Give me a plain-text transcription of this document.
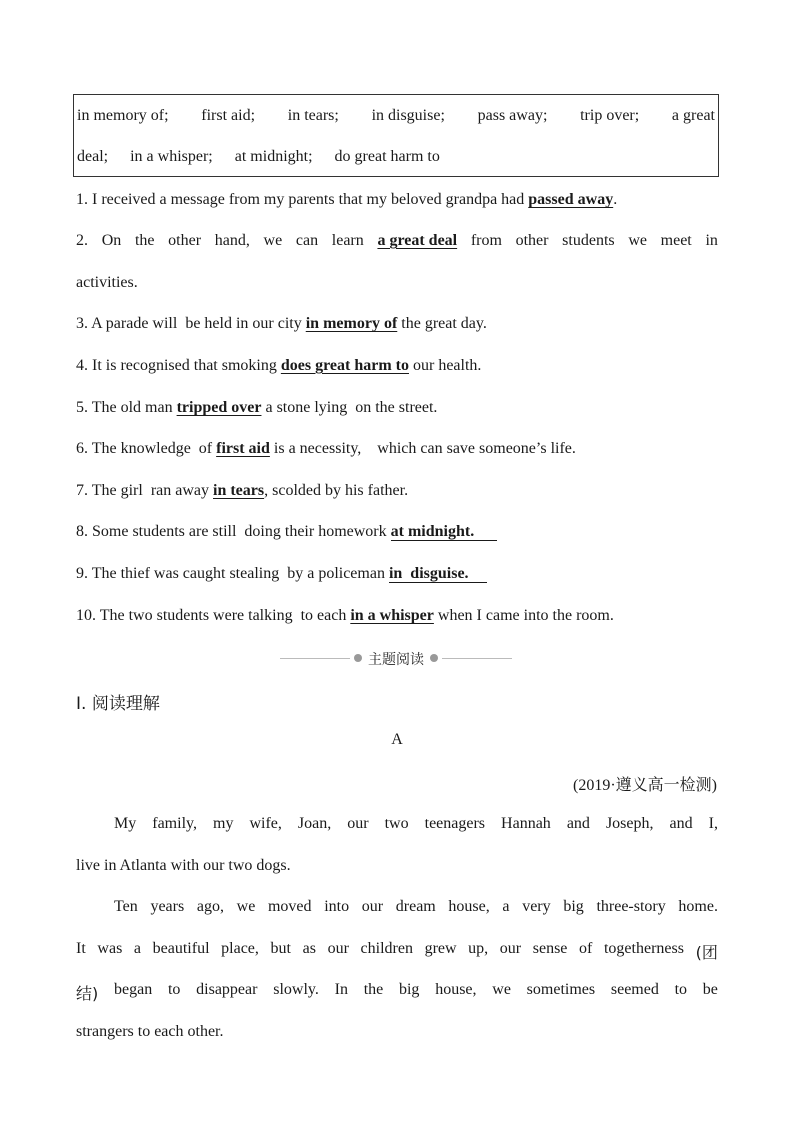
in memory of; first aid; in tears; in disguise; pass away; trip over; a great
deal; in a whisper; at midnight; do great harm to
1. I received a message from my parents that my beloved grandpa had passed away.
2. On the other hand, we can learn a great deal from other students we meet in
activities.
3. A parade will  be held in our city in memory of the great day.
4. It is recognised that smoking does great harm to our health.
5. The old man tripped over a stone lying  on the street.
6. The knowledge  of first aid is a necessity,    which can save someone’s life.
7. The girl  ran away in tears, scolded by his father.
8. Some students are still  doing their homework at midnight.
9. The thief was caught stealing  by a policeman in  disguise.
10. The two students were talking  to each in a whisper when I came into the room.
主题阅读
Ⅰ. 阅读理解
A
(2019·遵义高一检测)
My family, my wife, Joan, our two teenagers Hannah and Joseph, and I,
live in Atlanta with our two dogs.
Ten years ago, we moved into our dream house, a very big three-story home.
It was a beautiful place, but as our children grew up, our sense of togetherness (团
结) began to disappear slowly. In the big house, we sometimes seemed to be
strangers to each other.
